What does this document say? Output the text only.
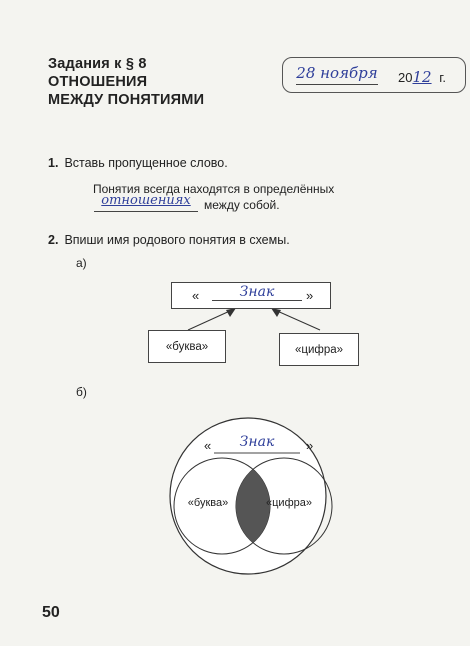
Задания к § 8
ОТНОШЕНИЯ
МЕЖДУ ПОНЯТИЯМИ
28 ноября 2012 г.
1. Вставь пропущенное слово.
Понятия всегда находятся в определённых
отношениях	между собой.
2. Впиши имя родового понятия в схемы.
а)
«	Знак	»
«буква»	«цифра»
б)
«	Знак	»
«буква»	«цифра»
50
